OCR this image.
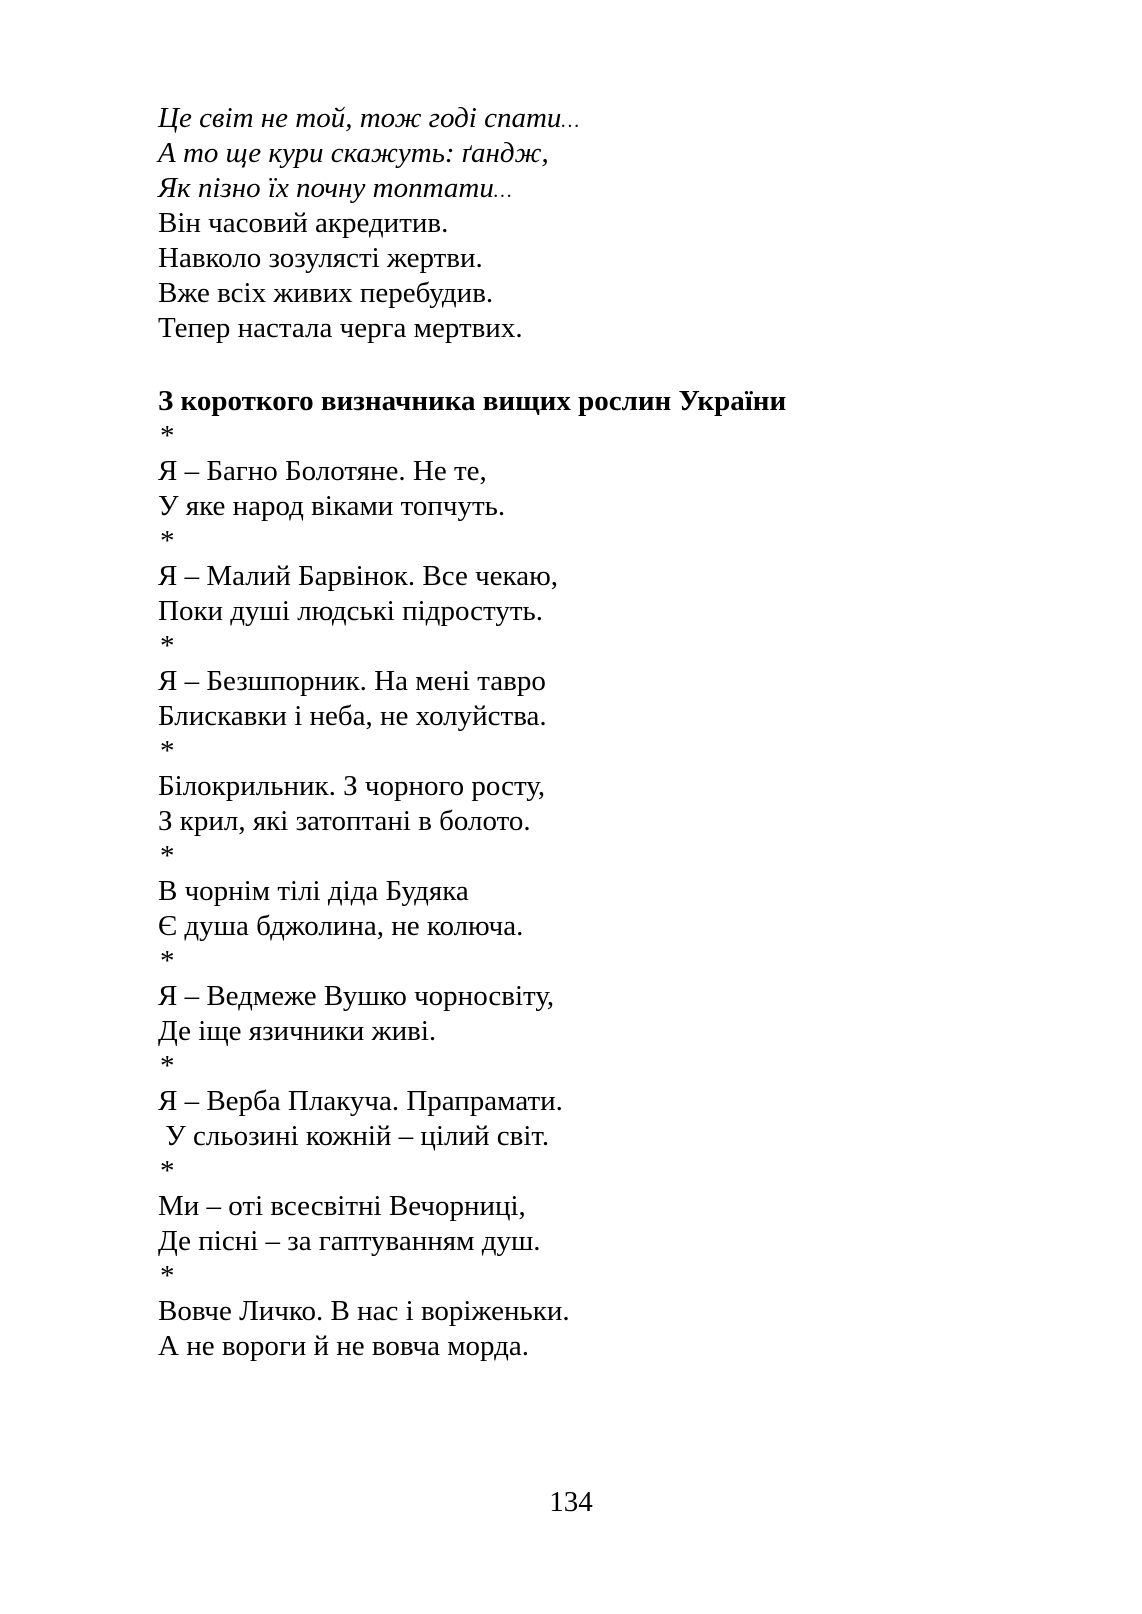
Це світ не той, тож годі спати…
А то ще кури скажуть: ґандж,
Як пізно їх почну топтати…
Він часовий акредитив.
Навколо зозулясті жертви.
Вже всіх живих перебудив.
Тепер настала черга мертвих.
З короткого визначника вищих рослин України
*
Я – Багно Болотяне. Не те,
У яке народ віками топчуть.
*
Я – Малий Барвінок. Все чекаю,
Поки душі людські підростуть.
*
Я – Безшпорник. На мені тавро
Блискавки і неба, не холуйства.
*
Білокрильник. З чорного росту,
З крил, які затоптані в болото.
*
В чорнім тілі діда Будяка
Є душа бджолина, не колюча.
*
Я – Ведмеже Вушко чорносвіту,
Де іще язичники живі.
*
Я – Верба Плакуча. Прапрамати.
У сльозині кожній – цілий світ.
*
Ми – оті всесвітні Вечорниці,
Де пісні – за гаптуванням душ.
*
Вовче Личко. В нас і воріженьки.
А не вороги й не вовча морда.
134
